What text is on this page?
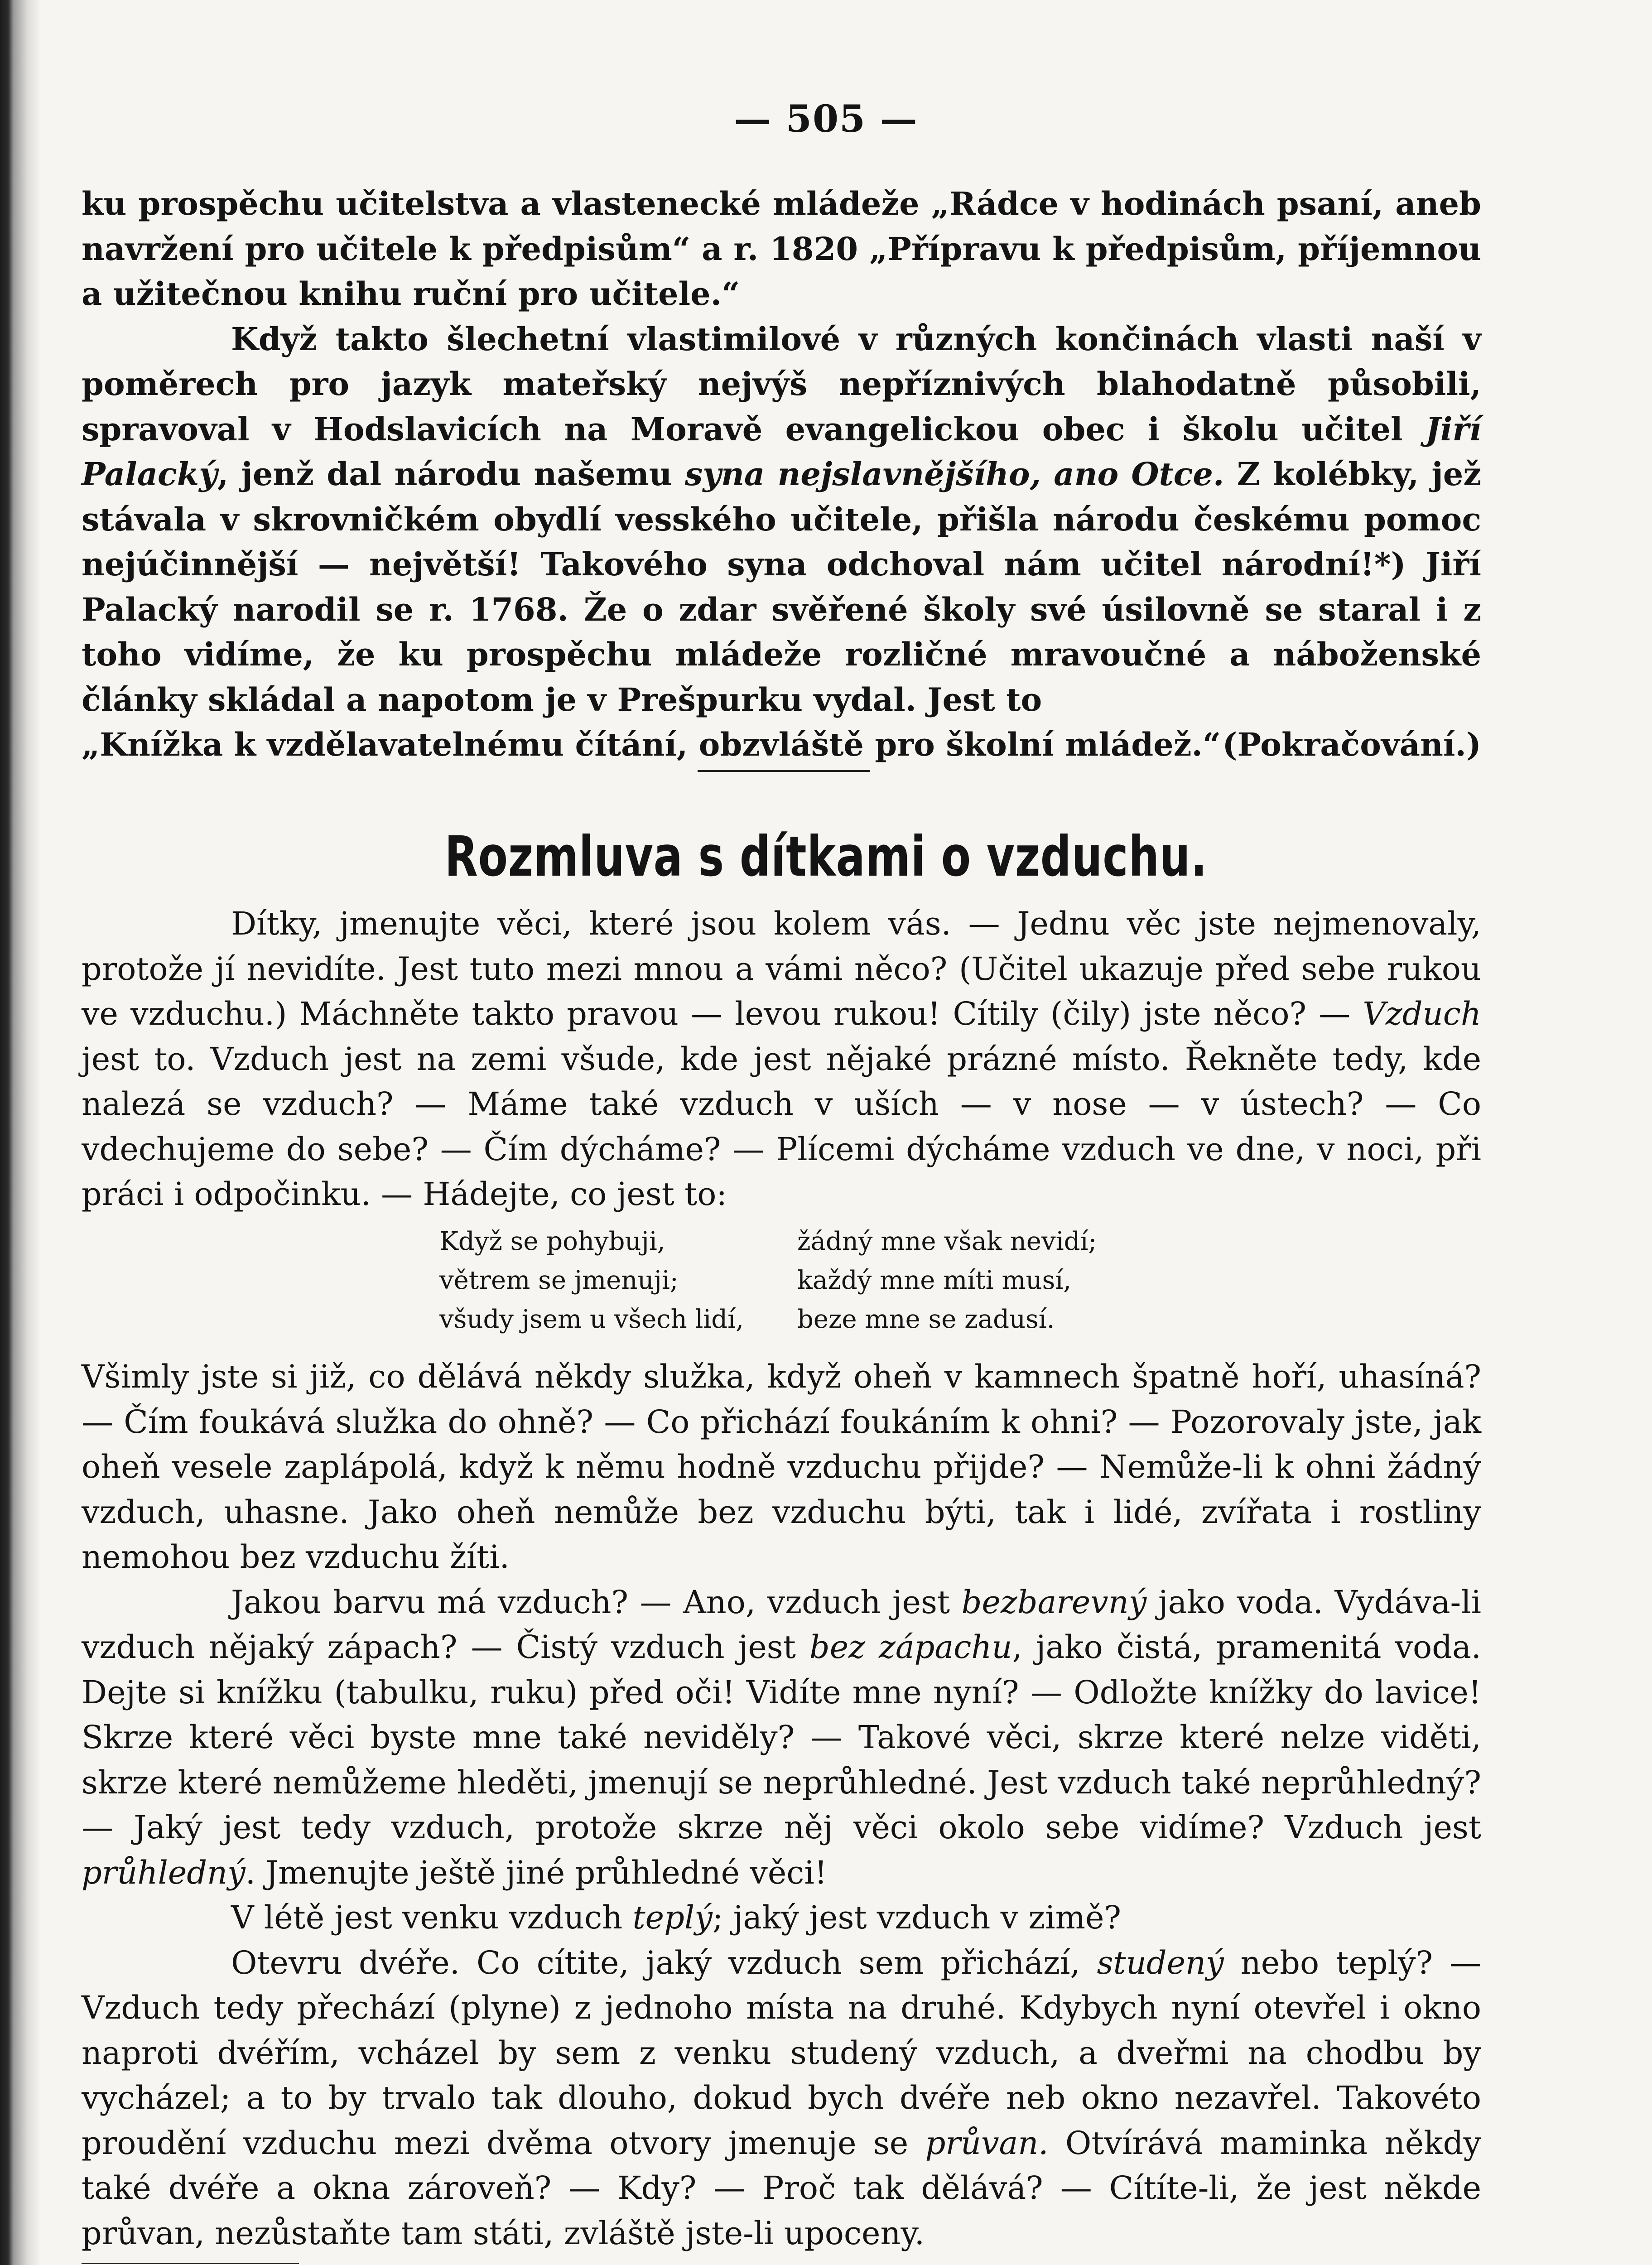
— 505 —

ku prospěchu učitelstva a vlastenecké mládeže „Rádce v hodinách psaní, aneb navržení pro učitele k předpisům“ a r. 1820 „Přípravu k předpisům, příjemnou a užitečnou knihu ruční pro učitele.“

Když takto šlechetní vlastimilové v různých končinách vlasti naší v poměrech pro jazyk mateřský nejvýš nepříznivých blahodatně působili, spravoval v Hodslavicích na Moravě evangelickou obec i školu učitel Jiří Palacký, jenž dal národu našemu syna nejslavnějšího, ano Otce. Z kolébky, jež stávala v skrovničkém obydlí vesského učitele, přišla národu českému pomoc nejúčinnější — největší! Takového syna odchoval nám učitel národní!*) Jiří Palacký narodil se r. 1768. Že o zdar svěřené školy své úsilovně se staral i z toho vidíme, že ku prospěchu mládeže rozličné mravoučné a náboženské články skládal a napotom je v Prešpurku vydal. Jest to

„Knížka k vzdělavatelnému čítání, obzvláště pro školní mládež.“ (Pokračování.)
Rozmluva s dítkami o vzduchu.

Dítky, jmenujte věci, které jsou kolem vás. — Jednu věc jste nejmenovaly, protože jí nevidíte. Jest tuto mezi mnou a vámi něco? (Učitel ukazuje před sebe rukou ve vzduchu.) Máchněte takto pravou — levou rukou! Cítily (čily) jste něco? — Vzduch jest to. Vzduch jest na zemi všude, kde jest nějaké prázné místo. Řekněte tedy, kde nalezá se vzduch? — Máme také vzduch v uších — v nose — v ústech? — Co vdechujeme do sebe? — Čím dýcháme? — Plícemi dýcháme vzduch ve dne, v noci, při práci i odpočinku. — Hádejte, co jest to:

Když se pohybuji,	žádný mne však nevidí;
větrem se jmenuji;	každý mne míti musí,
všudy jsem u všech lidí,	beze mne se zadusí.

Všimly jste si již, co dělává někdy služka, když oheň v kamnech špatně hoří, uhasíná? — Čím foukává služka do ohně? — Co přichází foukáním k ohni? — Pozorovaly jste, jak oheň vesele zaplápolá, když k němu hodně vzduchu přijde? — Nemůže-li k ohni žádný vzduch, uhasne. Jako oheň nemůže bez vzduchu býti, tak i lidé, zvířata i rostliny nemohou bez vzduchu žíti.

Jakou barvu má vzduch? — Ano, vzduch jest bezbarevný jako voda. Vydáva-li vzduch nějaký zápach? — Čistý vzduch jest bez zápachu, jako čistá, pramenitá voda. Dejte si knížku (tabulku, ruku) před oči! Vidíte mne nyní? — Odložte knížky do lavice! Skrze které věci byste mne také neviděly? — Takové věci, skrze které nelze viděti, skrze které nemůžeme hleděti, jmenují se neprůhledné. Jest vzduch také neprůhledný? — Jaký jest tedy vzduch, protože skrze něj věci okolo sebe vidíme? Vzduch jest průhledný. Jmenujte ještě jiné průhledné věci!

V létě jest venku vzduch teplý; jaký jest vzduch v zimě?

Otevru dvéře. Co cítite, jaký vzduch sem přichází, studený nebo teplý? — Vzduch tedy přechází (plyne) z jednoho místa na druhé. Kdybych nyní otevřel i okno naproti dvéřím, vcházel by sem z venku studený vzduch, a dveřmi na chodbu by vycházel; a to by trvalo tak dlouho, dokud bych dvéře neb okno nezavřel. Takovéto proudění vzduchu mezi dvěma otvory jmenuje se průvan. Otvírává maminka někdy také dvéře a okna zároveň? — Kdy? — Proč tak dělává? — Cítíte-li, že jest někde průvan, nezůstaňte tam státi, zvláště jste-li upoceny.
